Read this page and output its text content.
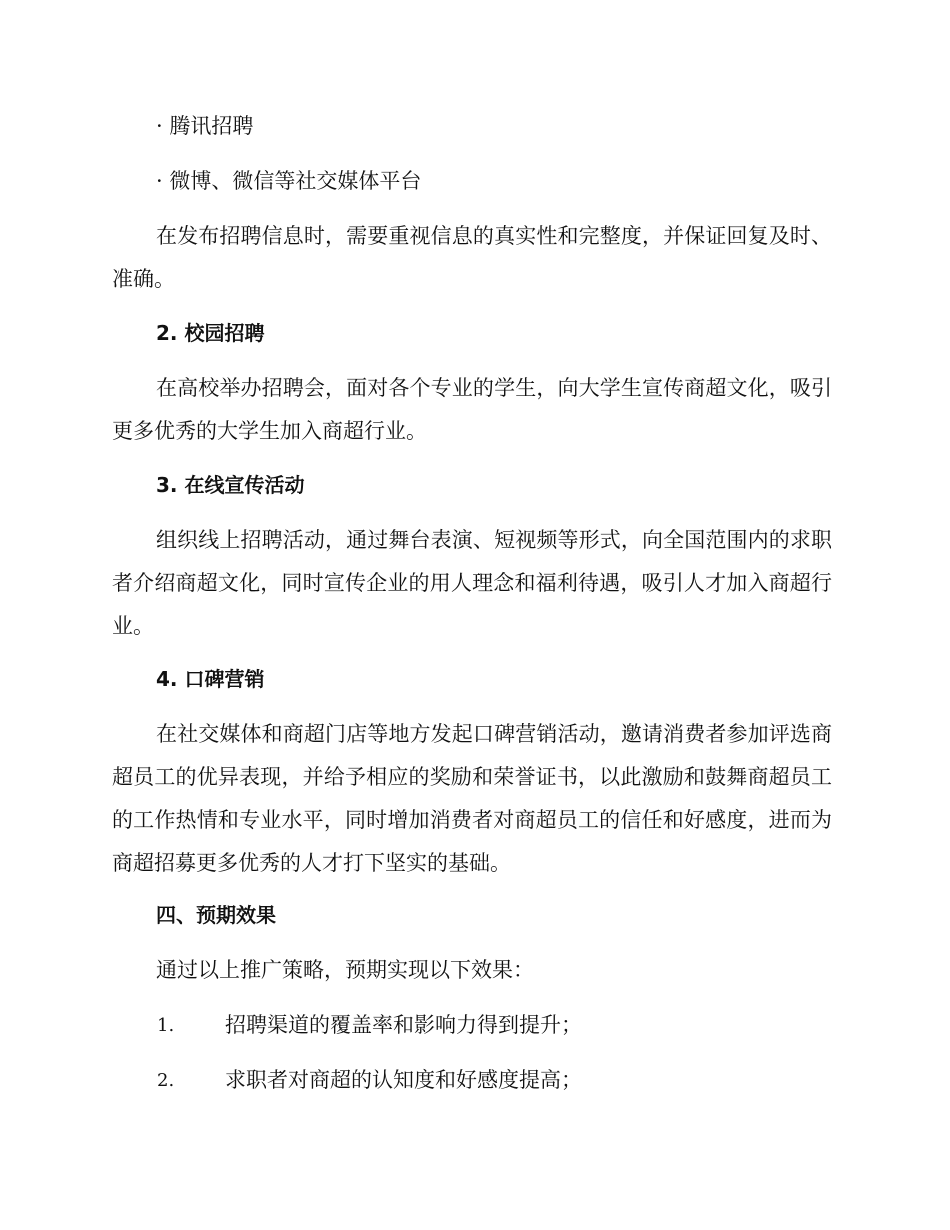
· 腾讯招聘
· 微博、微信等社交媒体平台

在发布招聘信息时，需要重视信息的真实性和完整度，并保证回复及时、准确。

2. 校园招聘

在高校举办招聘会，面对各个专业的学生，向大学生宣传商超文化，吸引更多优秀的大学生加入商超行业。

3. 在线宣传活动

组织线上招聘活动，通过舞台表演、短视频等形式，向全国范围内的求职者介绍商超文化，同时宣传企业的用人理念和福利待遇，吸引人才加入商超行业。

4. 口碑营销

在社交媒体和商超门店等地方发起口碑营销活动，邀请消费者参加评选商超员工的优异表现，并给予相应的奖励和荣誉证书，以此激励和鼓舞商超员工的工作热情和专业水平，同时增加消费者对商超员工的信任和好感度，进而为商超招募更多优秀的人才打下坚实的基础。

四、预期效果
通过以上推广策略，预期实现以下效果：
1. 招聘渠道的覆盖率和影响力得到提升；
2. 求职者对商超的认知度和好感度提高；
